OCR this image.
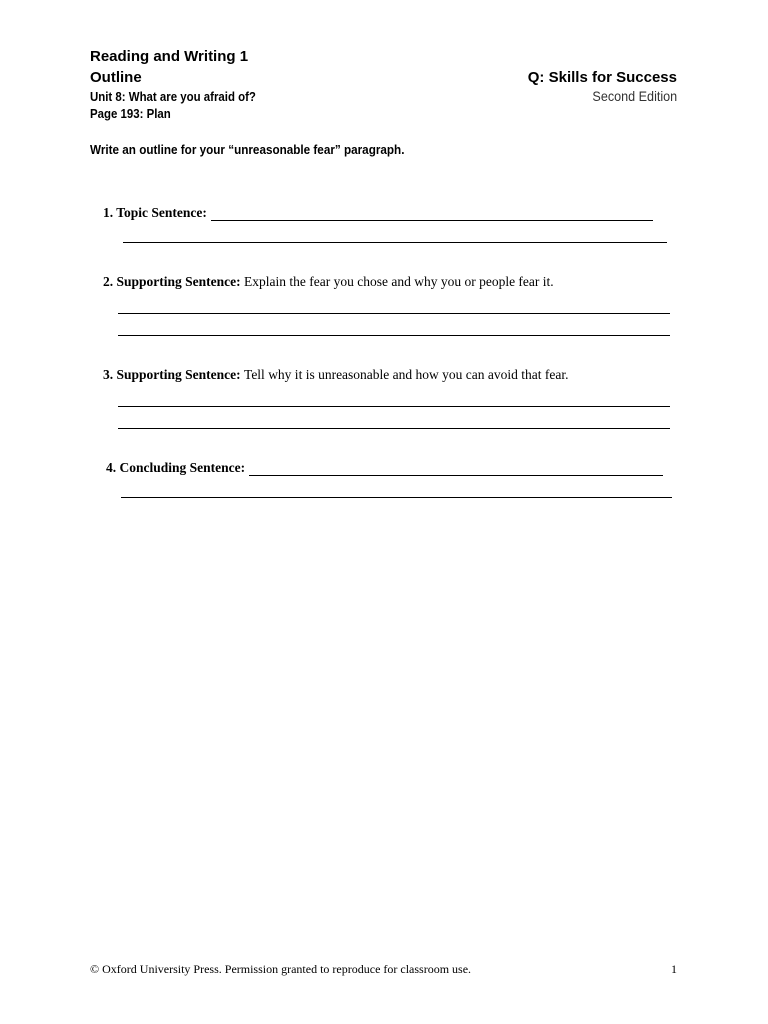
Reading and Writing 1
Outline
Unit 8: What are you afraid of?
Page 193: Plan
Q: Skills for Success
Second Edition
Write an outline for your “unreasonable fear” paragraph.
1. Topic Sentence:
2. Supporting Sentence:
Explain the fear you chose and why you or people fear it.
3. Supporting Sentence:
Tell why it is unreasonable and how you can avoid that fear.
4. Concluding Sentence:
© Oxford University Press. Permission granted to reproduce for classroom use.	1
